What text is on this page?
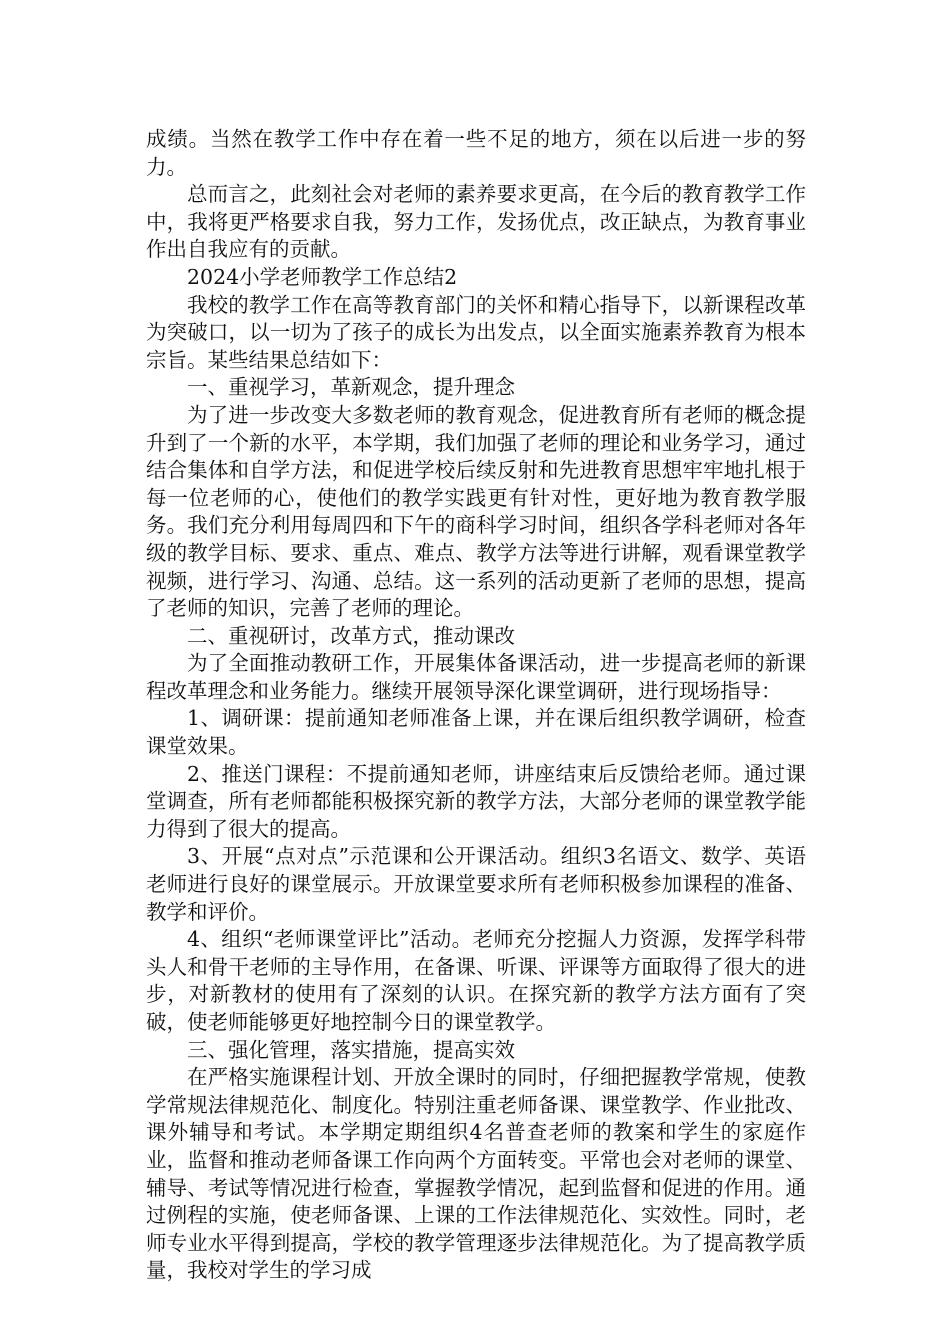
成绩。当然在教学工作中存在着一些不足的地方，须在以后进一步的努力。

总而言之，此刻社会对老师的素养要求更高，在今后的教育教学工作中，我将更严格要求自我，努力工作，发扬优点，改正缺点，为教育事业作出自我应有的贡献。

2024小学老师教学工作总结2

我校的教学工作在高等教育部门的关怀和精心指导下，以新课程改革为突破口，以一切为了孩子的成长为出发点，以全面实施素养教育为根本宗旨。某些结果总结如下：

一、重视学习，革新观念，提升理念

为了进一步改变大多数老师的教育观念，促进教育所有老师的概念提升到了一个新的水平，本学期，我们加强了老师的理论和业务学习，通过结合集体和自学方法，和促进学校后续反射和先进教育思想牢牢地扎根于每一位老师的心，使他们的教学实践更有针对性，更好地为教育教学服务。我们充分利用每周四和下午的商科学习时间，组织各学科老师对各年级的教学目标、要求、重点、难点、教学方法等进行讲解，观看课堂教学视频，进行学习、沟通、总结。这一系列的活动更新了老师的思想，提高了老师的知识，完善了老师的理论。

二、重视研讨，改革方式，推动课改

为了全面推动教研工作，开展集体备课活动，进一步提高老师的新课程改革理念和业务能力。继续开展领导深化课堂调研，进行现场指导：

1、调研课：提前通知老师准备上课，并在课后组织教学调研，检查课堂效果。

2、推送门课程：不提前通知老师，讲座结束后反馈给老师。通过课堂调查，所有老师都能积极探究新的教学方法，大部分老师的课堂教学能力得到了很大的提高。

3、开展“点对点”示范课和公开课活动。组织3名语文、数学、英语老师进行良好的课堂展示。开放课堂要求所有老师积极参加课程的准备、教学和评价。

4、组织“老师课堂评比”活动。老师充分挖掘人力资源，发挥学科带头人和骨干老师的主导作用，在备课、听课、评课等方面取得了很大的进步，对新教材的使用有了深刻的认识。在探究新的教学方法方面有了突破，使老师能够更好地控制今日的课堂教学。

三、强化管理，落实措施，提高实效

在严格实施课程计划、开放全课时的同时，仔细把握教学常规，使教学常规法律规范化、制度化。特别注重老师备课、课堂教学、作业批改、课外辅导和考试。本学期定期组织4名普查老师的教案和学生的家庭作业，监督和推动老师备课工作向两个方面转变。平常也会对老师的课堂、辅导、考试等情况进行检查，掌握教学情况，起到监督和促进的作用。通过例程的实施，使老师备课、上课的工作法律规范化、实效性。同时，老师专业水平得到提高，学校的教学管理逐步法律规范化。为了提高教学质量，我校对学生的学习成
